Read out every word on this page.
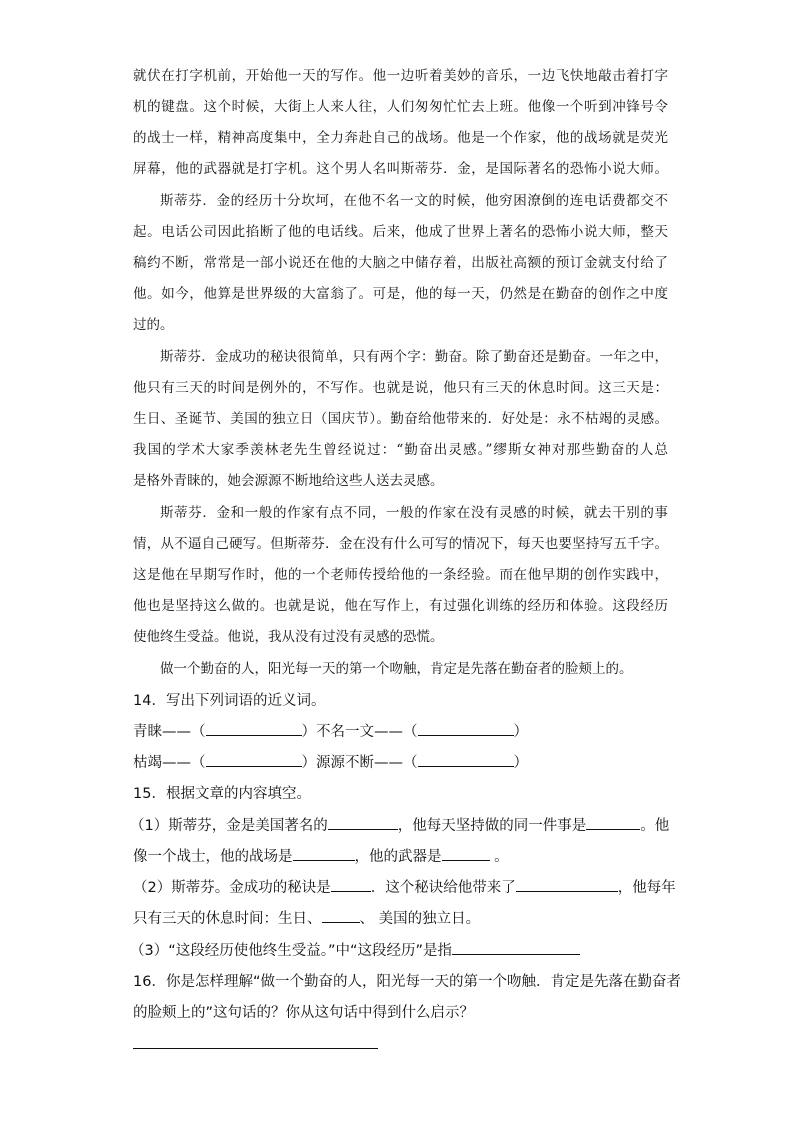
就伏在打字机前，开始他一天的写作。他一边听着美妙的音乐，一边飞快地敲击着打字
机的键盘。这个时候，大街上人来人往，人们匆匆忙忙去上班。他像一个听到冲锋号令
的战士一样，精神高度集中，全力奔赴自己的战场。他是一个作家，他的战场就是荧光
屏幕，他的武器就是打字机。这个男人名叫斯蒂芬．金，是国际著名的恐怖小说大师。
斯蒂芬．金的经历十分坎坷，在他不名一文的时候，他穷困潦倒的连电话费都交不
起。电话公司因此掐断了他的电话线。后来，他成了世界上著名的恐怖小说大师，整天
稿约不断，常常是一部小说还在他的大脑之中储存着，出版社高额的预订金就支付给了
他。如今，他算是世界级的大富翁了。可是，他的每一天，仍然是在勤奋的创作之中度
过的。
斯蒂芬．金成功的秘诀很简单，只有两个字：勤奋。除了勤奋还是勤奋。一年之中，
他只有三天的时间是例外的，不写作。也就是说，他只有三天的休息时间。这三天是：
生日、圣诞节、美国的独立日（国庆节）。勤奋给他带来的．好处是：永不枯竭的灵感。
我国的学术大家季羡林老先生曾经说过：“勤奋出灵感。”缪斯女神对那些勤奋的人总
是格外青睐的，她会源源不断地给这些人送去灵感。
斯蒂芬．金和一般的作家有点不同，一般的作家在没有灵感的时候，就去干别的事
情，从不逼自己硬写。但斯蒂芬．金在没有什么可写的情况下，每天也要坚持写五千字。
这是他在早期写作时，他的一个老师传授给他的一条经验。而在他早期的创作实践中，
他也是坚持这么做的。也就是说，他在写作上，有过强化训练的经历和体验。这段经历
使他终生受益。他说，我从没有过没有灵感的恐慌。
做一个勤奋的人，阳光每一天的第一个吻触，肯定是先落在勤奋者的脸颊上的。
14．写出下列词语的近义词。
青睐——（	）不名一文——（	）
枯竭——（	）源源不断——（	）
15．根据文章的内容填空。
（1）斯蒂芬，金是美国著名的	，他每天坚持做的同一件事是	。他
像一个战士，他的战场是	，他的武器是	。
（2）斯蒂芬。金成功的秘诀是	．这个秘诀给他带来了	，他每年
只有三天的休息时间：生日、	、 美国的独立日。
（3）“这段经历使他终生受益。”中“这段经历”是指
16．你是怎样理解“做一个勤奋的人，阳光每一天的第一个吻触．肯定是先落在勤奋者
的脸颊上的”这句话的？你从这句话中得到什么启示？
